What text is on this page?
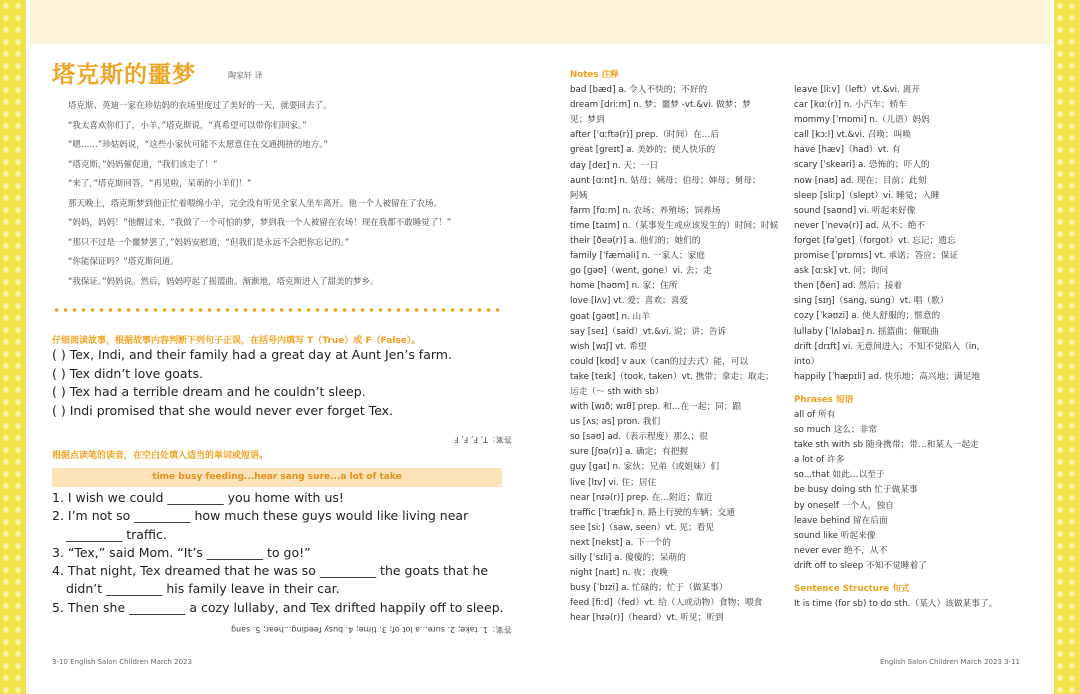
塔克斯的噩梦	陶家轩 译

塔克斯、英迪一家在珍姑妈的农场里度过了美好的一天，就要回去了。

“我太喜欢你们了，小羊，”塔克斯说，“真希望可以带你们回家。”

“嗯……”珍姑妈说，“这些小家伙可能不太愿意住在交通拥挤的地方。”

“塔克斯，”妈妈催促道，“我们该走了！”

“来了，”塔克斯回答，“再见啦，呆萌的小羊们！”

那天晚上，塔克斯梦到他正忙着喂绵小羊，完全没有听见全家人坐车离开。他一个人被留在了农场。

“妈妈，妈妈！”他醒过来，“我做了一个可怕的梦，梦到我一个人被留在农场！现在我都不敢睡觉了！”

“那只不过是一个噩梦罢了，”妈妈安慰道，“但我们是永远不会把你忘记的。”

“你能保证吗？”塔克斯问道。

“我保证。”妈妈说。然后，妈妈哼起了摇篮曲。渐渐地，塔克斯进入了甜美的梦乡。

仔细阅读故事，根据故事内容判断下列句子正误，在括号内填写 T（True）或 F（False）。
( ) Tex, Indi, and their family had a great day at Aunt Jen’s farm.
( ) Tex didn’t love goats.
( ) Tex had a terrible dream and he couldn’t sleep.
( ) Indi promised that she would never ever forget Tex.
答案：T, F, F, F
根据点读笔的读音，在空白处填入适当的单词或短语。
time busy feeding...hear sang sure...a lot of take
1. I wish we could _________ you home with us!
2. I’m not so _________ how much these guys would like living near
_________ traffic.
3. “Tex,” said Mom. “It’s _________ to go!”
4. That night, Tex dreamed that he was so _________ the goats that he
didn’t _________ his family leave in their car.
5. Then she _________ a cozy lullaby, and Tex drifted happily off to sleep.
答案：1. take; 2. sure...a lot of; 3. time; 4. busy feeding...hear; 5. sang
3-10 English Salon Children March 2023
Notes 注释
bad [bæd] a. 令人不快的；不好的
dream [driːm] n. 梦；噩梦 -vt.&vi. 做梦；梦
见；梦到
after [ˈɑːftə(r)] prep.（时间）在…后
great [ɡreɪt] a. 美妙的；使人快乐的
day [deɪ] n. 天；一日
aunt [ɑːnt] n. 姑母；姨母；伯母；婶母；舅母；
阿姨
farm [fɑːm] n. 农场；养殖场；饲养场
time [taɪm] n.（某事发生或应该发生的）时间；时候
their [ðeə(r)] a. 他们的；她们的
family [ˈfæməli] n. 一家人；家庭
go [ɡəʊ]（went, gone）vi. 去；走
home [həʊm] n. 家；住所
love [lʌv] vt. 爱；喜欢；喜爱
goat [ɡəʊt] n. 山羊
say [seɪ]（said）vt.&vi. 说；讲；告诉
wish [wɪʃ] vt. 希望
could [kʊd] v aux（can的过去式）能，可以
take [teɪk]（took, taken）vt. 携带；拿走；取走；
运走（～ sth with sb）
with [wɪð; wɪθ] prep. 和…在一起；同；跟
us [ʌs; əs] pron. 我们
so [səʊ] ad.（表示程度）那么；很
sure [ʃʊə(r)] a. 确定；有把握
guy [ɡaɪ] n. 家伙；兄弟（或姐妹）们
live [lɪv] vi. 住；居住
near [nɪə(r)] prep. 在…附近；靠近
traffic [ˈtræfɪk] n. 路上行驶的车辆；交通
see [siː]（saw, seen）vt. 见；看见
next [nekst] a. 下一个的
silly [ˈsɪli] a. 傻傻的；呆萌的
night [naɪt] n. 夜；夜晚
busy [ˈbɪzi] a. 忙碌的；忙于（做某事）
feed [fiːd]（fed）vt. 给（人或动物）食物；喂食
hear [hɪə(r)]（heard）vt. 听见；听到
leave [liːv]（left）vt.&vi. 离开
car [kɑː(r)] n. 小汽车；轿车
mommy [ˈmɒmi] n.（儿语）妈妈
call [kɔːl] vt.&vi. 召唤；叫唤
have [hæv]（had）vt. 有
scary [ˈskeəri] a. 恐怖的；吓人的
now [naʊ] ad. 现在；目前；此刻
sleep [sliːp]（slept）vi. 睡觉；入睡
sound [saʊnd] vi. 听起来好像
never [ˈnevə(r)] ad. 从不；绝不
forget [fəˈɡet]（forgot）vt. 忘记；遗忘
promise [ˈprɒmɪs] vt. 承诺；答应；保证
ask [ɑːsk] vt. 问；询问
then [ðen] ad. 然后；接着
sing [sɪŋ]（sang, sung）vt. 唱（歌）
cozy [ˈkəʊzi] a. 使人舒服的；惬意的
lullaby [ˈlʌləbaɪ] n. 摇篮曲；催眠曲
drift [drɪft] vi. 无意间进入；不知不觉陷入（in,
into）
happily [ˈhæpɪli] ad. 快乐地；高兴地；满足地
Phrases 短语
all of 所有
so much 这么；非常
take sth with sb 随身携带；带…和某人一起走
a lot of 许多
so...that 如此…以至于
be busy doing sth 忙于做某事
by oneself 一个人，独自
leave behind 留在后面
sound like 听起来像
never ever 绝不，从不
drift off to sleep 不知不觉睡着了
Sentence Structure 句式
It is time (for sb) to do sth.（某人）该做某事了。
English Salon Children March 2023 3-11
